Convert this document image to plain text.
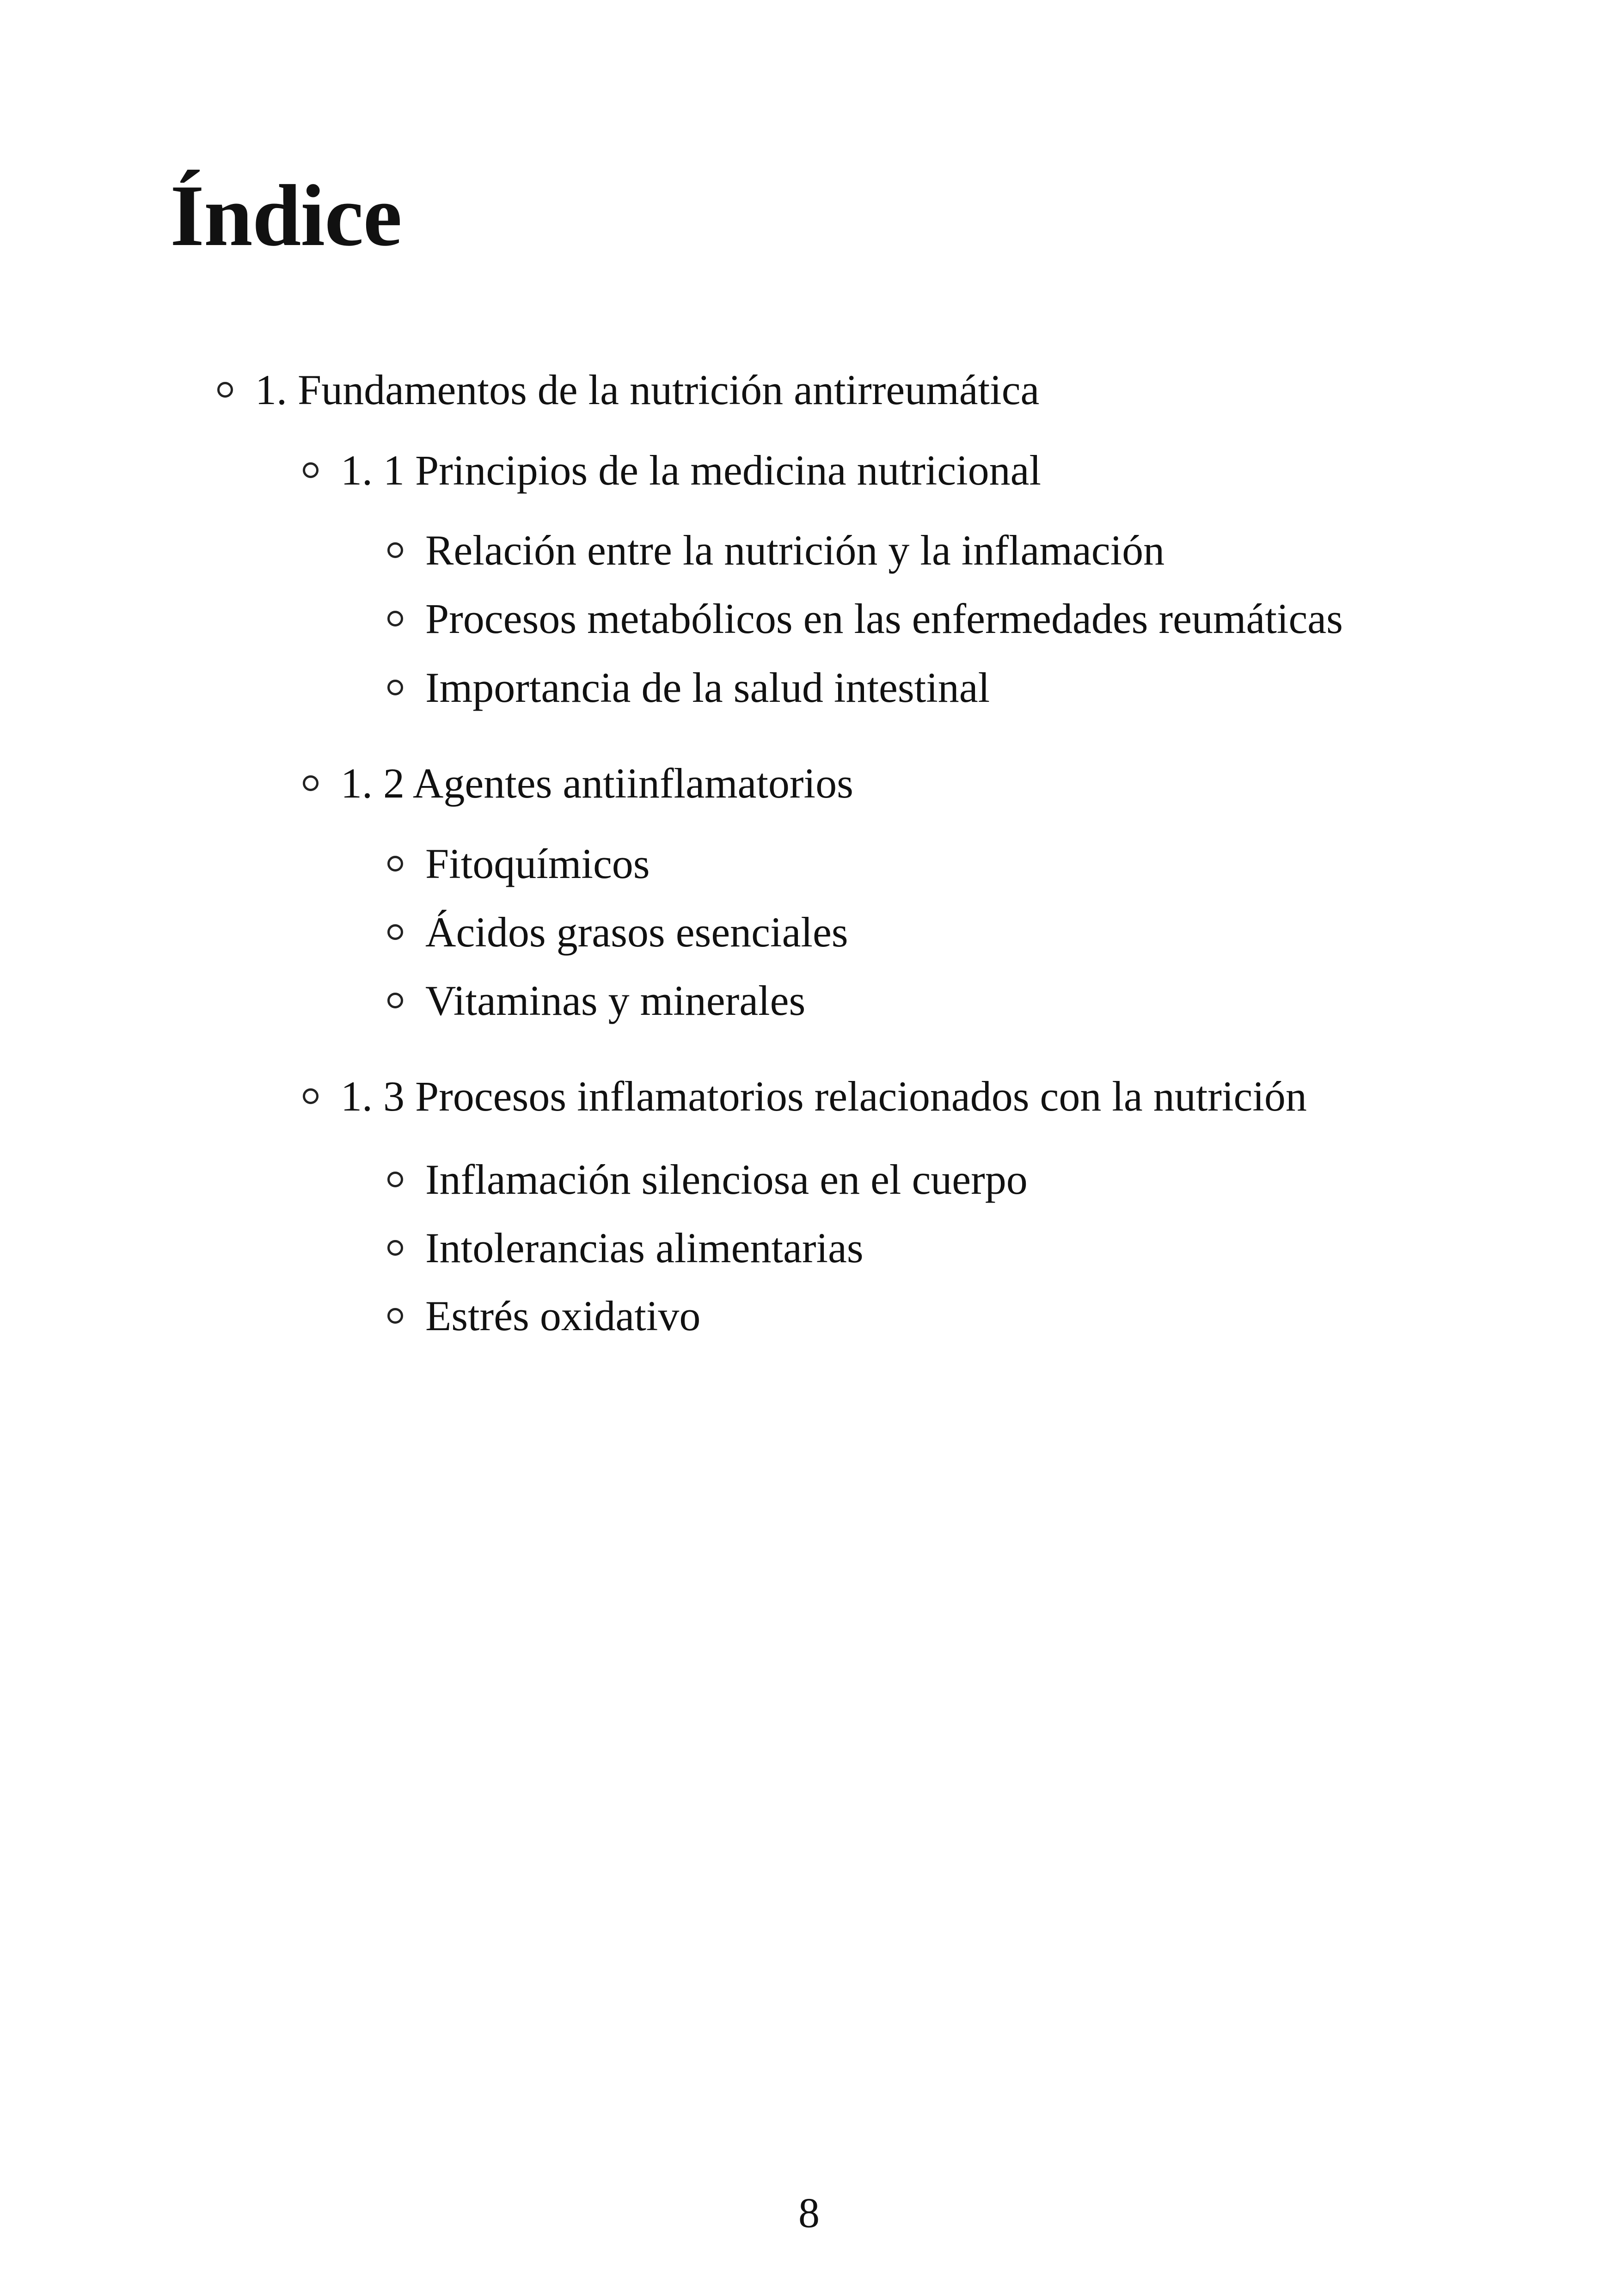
Índice
1. Fundamentos de la nutrición antirreumática
1. 1 Principios de la medicina nutricional
Relación entre la nutrición y la inflamación
Procesos metabólicos en las enfermedades reumáticas
Importancia de la salud intestinal
1. 2 Agentes antiinflamatorios
Fitoquímicos
Ácidos grasos esenciales
Vitaminas y minerales
1. 3 Procesos inflamatorios relacionados con la nutrición
Inflamación silenciosa en el cuerpo
Intolerancias alimentarias
Estrés oxidativo
8
